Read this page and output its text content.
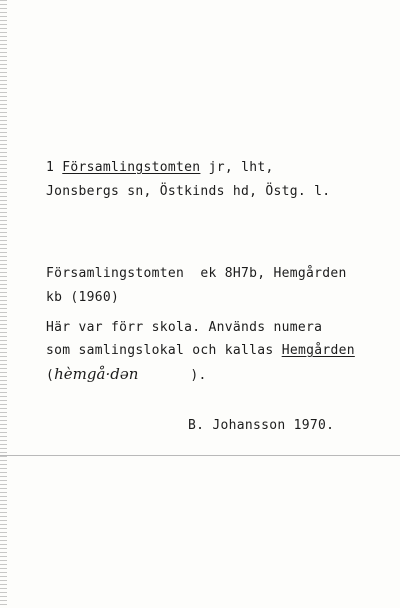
1 Församlingstomten jr, lht,
Jonsbergs sn, Östkinds hd, Östg. l.
Församlingstomten  ek 8H7b, Hemgården
kb (1960)
Här var förr skola. Används numera
som samlingslokal och kallas Hemgården
(hèmgå·dən	).
B. Johansson 1970.
